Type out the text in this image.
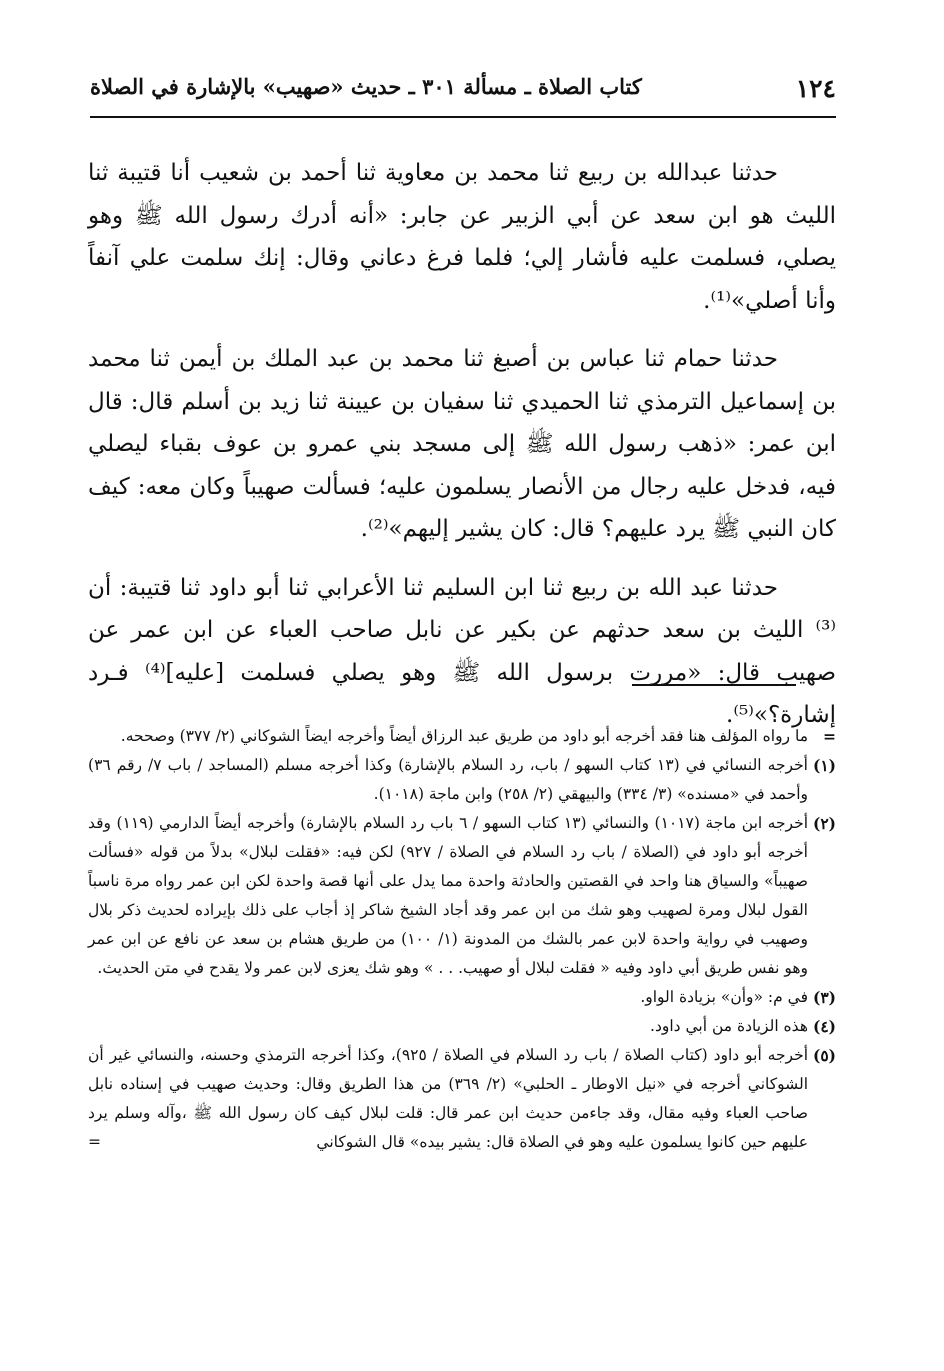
١٢٤
كتاب الصلاة ـ مسألة ٣٠١ ـ حديث «صهيب» بالإشارة في الصلاة

حدثنا عبدالله بن ربيع ثنا محمد بن معاوية ثنا أحمد بن شعيب أنا قتيبة ثنا الليث هو ابن سعد عن أبي الزبير عن جابر: «أنه أدرك رسول الله ﷺ وهو يصلي، فسلمت عليه فأشار إلي؛ فلما فرغ دعاني وقال: إنك سلمت علي آنفاً وأنا أصلي»⁽¹⁾.

حدثنا حمام ثنا عباس بن أصبغ ثنا محمد بن عبد الملك بن أيمن ثنا محمد بن إسماعيل الترمذي ثنا الحميدي ثنا سفيان بن عيينة ثنا زيد بن أسلم قال: قال ابن عمر: «ذهب رسول الله ﷺ إلى مسجد بني عمرو بن عوف بقباء ليصلي فيه، فدخل عليه رجال من الأنصار يسلمون عليه؛ فسألت صهيباً وكان معه: كيف كان النبي ﷺ يرد عليهم؟ قال: كان يشير إليهم»⁽²⁾.

حدثنا عبد الله بن ربيع ثنا ابن السليم ثنا الأعرابي ثنا أبو داود ثنا قتيبة: أن ⁽³⁾ الليث بن سعد حدثهم عن بكير عن نابل صاحب العباء عن ابن عمر عن صهيب قال: «مررت برسول الله ﷺ وهو يصلي فسلمت [عليه]⁽⁴⁾ فـرد إشارة؟»⁽⁵⁾.

=
ما رواه المؤلف هنا فقد أخرجه أبو داود من طريق عبد الرزاق أيضاً وأخرجه ايضاً الشوكاني (٢/ ٣٧٧) وصححه.
(١)
أخرجه النسائي في (١٣ كتاب السهو / باب، رد السلام بالإشارة) وكذا أخرجه مسلم (المساجد / باب ٧/ رقم ٣٦) وأحمد في «مسنده» (٣/ ٣٣٤) والبيهقي (٢/ ٢٥٨) وابن ماجة (١٠١٨).
(٢)
أخرجه ابن ماجة (١٠١٧) والنسائي (١٣ كتاب السهو / ٦ باب رد السلام بالإشارة) وأخرجه أيضاً الدارمي (١١٩) وقد أخرجه أبو داود في (الصلاة / باب رد السلام في الصلاة / ٩٢٧) لكن فيه: «فقلت لبلال» بدلاً من قوله «فسألت صهيباً» والسياق هنا واحد في القصتين والحادثة واحدة مما يدل على أنها قصة واحدة لكن ابن عمر رواه مرة ناسباً القول لبلال ومرة لصهيب وهو شك من ابن عمر وقد أجاد الشيخ شاكر إذ أجاب على ذلك بإيراده لحديث ذكر بلال وصهيب في رواية واحدة لابن عمر بالشك من المدونة (١/ ١٠٠) من طريق هشام بن سعد عن نافع عن ابن عمر وهو نفس طريق أبي داود وفيه « فقلت لبلال أو صهيب. . . » وهو شك يعزى لابن عمر ولا يقدح في متن الحديث.
(٣)
في م: «وأن» بزيادة الواو.
(٤)
هذه الزيادة من أبي داود.
(٥)
أخرجه أبو داود (كتاب الصلاة / باب رد السلام في الصلاة / ٩٢٥)، وكذا أخرجه الترمذي وحسنه، والنسائي غير أن الشوكاني أخرجه في «نيل الاوطار ـ الحلبي» (٢/ ٣٦٩) من هذا الطريق وقال: وحديث صهيب في إسناده نابل صاحب العباء وفيه مقال، وقد جاءمن حديث ابن عمر قال: قلت لبلال كيف كان رسول الله ﷺ ،وآله وسلم يرد عليهم حين كانوا يسلمون عليه وهو في الصلاة قال: يشير بيده» قال الشوكاني
=
